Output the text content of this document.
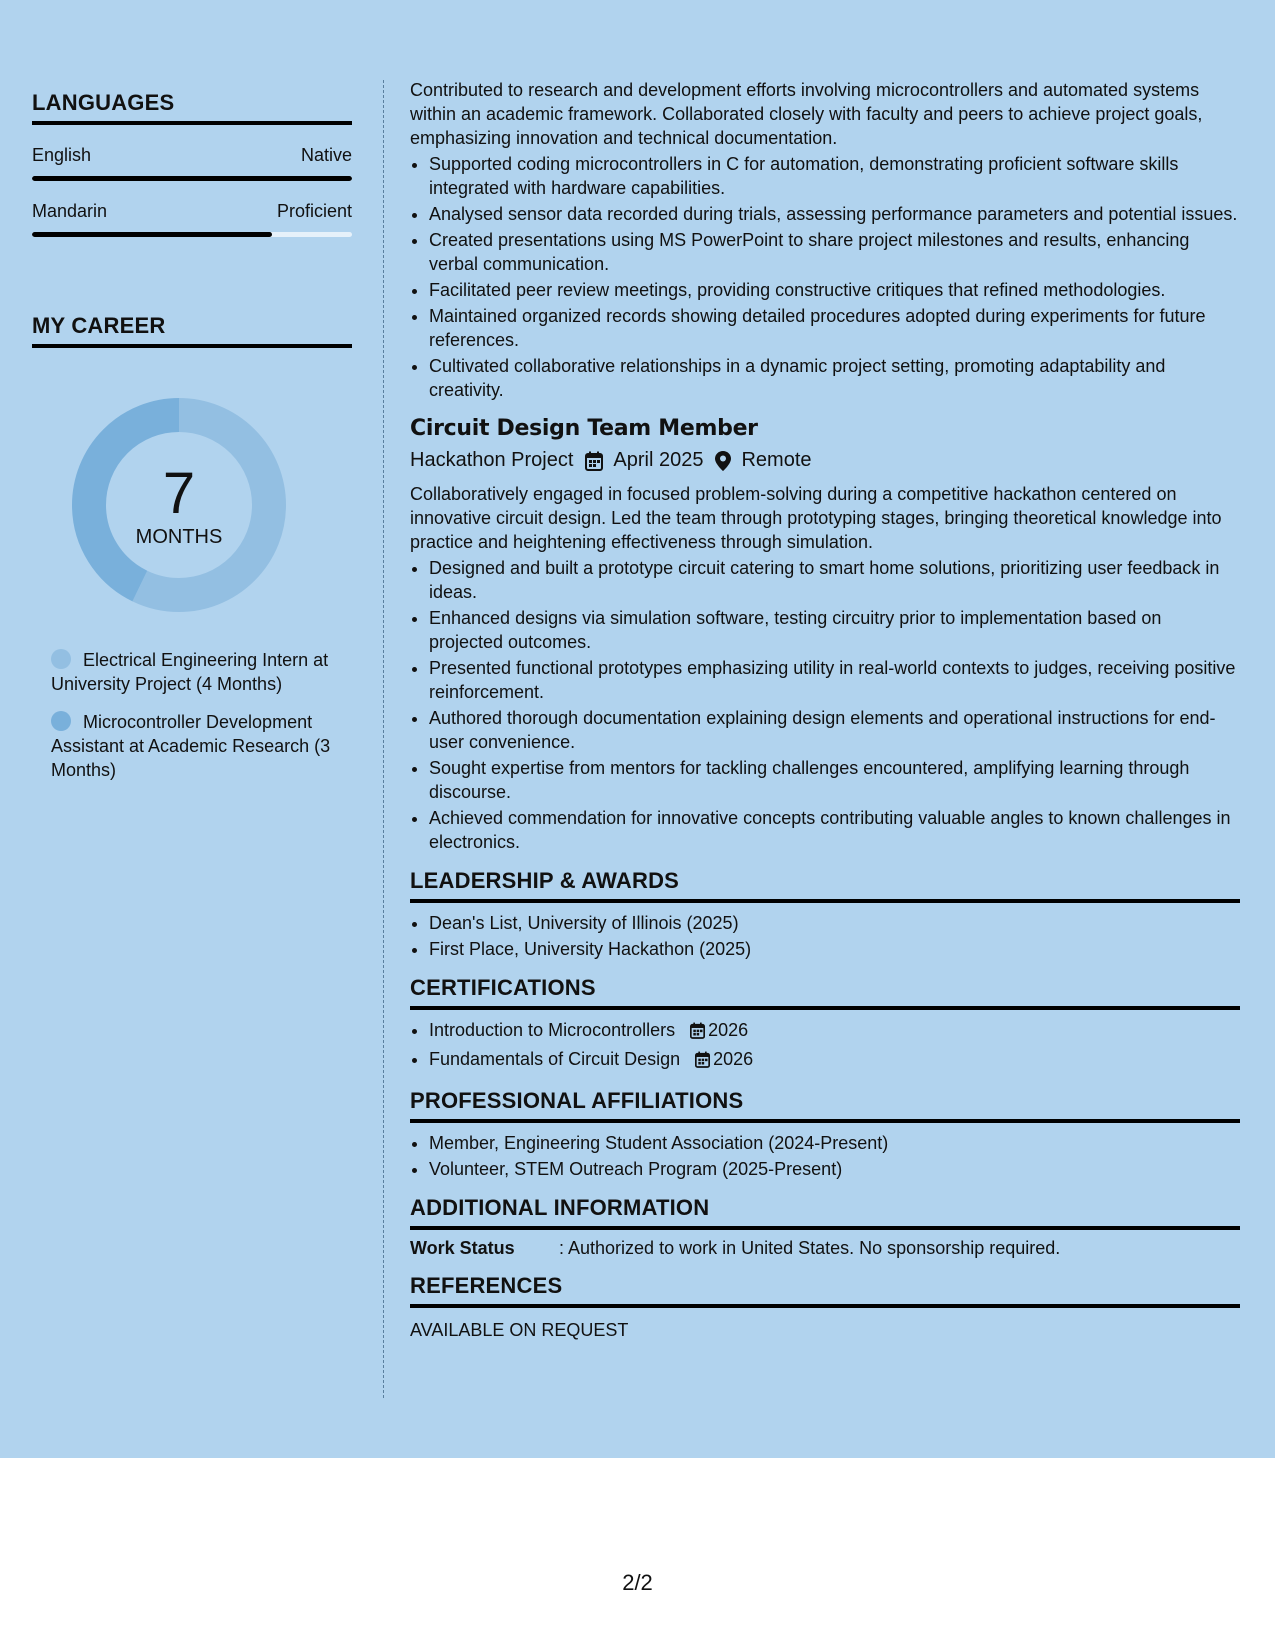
LANGUAGES
English	Native
Mandarin	Proficient
MY CAREER
7
MONTHS
Electrical Engineering Intern at University Project (4 Months)
Microcontroller Development Assistant at Academic Research (3 Months)

Contributed to research and development efforts involving microcontrollers and automated systems within an academic framework. Collaborated closely with faculty and peers to achieve project goals, emphasizing innovation and technical documentation.

• Supported coding microcontrollers in C for automation, demonstrating proficient software skills integrated with hardware capabilities.
• Analysed sensor data recorded during trials, assessing performance parameters and potential issues.
• Created presentations using MS PowerPoint to share project milestones and results, enhancing verbal communication.
• Facilitated peer review meetings, providing constructive critiques that refined methodologies.
• Maintained organized records showing detailed procedures adopted during experiments for future references.
• Cultivated collaborative relationships in a dynamic project setting, promoting adaptability and creativity.
Circuit Design Team Member
Hackathon Project April 2025 Remote

Collaboratively engaged in focused problem-solving during a competitive hackathon centered on innovative circuit design. Led the team through prototyping stages, bringing theoretical knowledge into practice and heightening effectiveness through simulation.

• Designed and built a prototype circuit catering to smart home solutions, prioritizing user feedback in ideas.
• Enhanced designs via simulation software, testing circuitry prior to implementation based on projected outcomes.
• Presented functional prototypes emphasizing utility in real-world contexts to judges, receiving positive reinforcement.
• Authored thorough documentation explaining design elements and operational instructions for end-user convenience.
• Sought expertise from mentors for tackling challenges encountered, amplifying learning through discourse.
• Achieved commendation for innovative concepts contributing valuable angles to known challenges in electronics.
LEADERSHIP & AWARDS
• Dean's List, University of Illinois (2025)
• First Place, University Hackathon (2025)
CERTIFICATIONS
• Introduction to Microcontrollers 2026
• Fundamentals of Circuit Design 2026
PROFESSIONAL AFFILIATIONS
• Member, Engineering Student Association (2024-Present)
• Volunteer, STEM Outreach Program (2025-Present)
ADDITIONAL INFORMATION
Work Status	: Authorized to work in United States. No sponsorship required.
REFERENCES
AVAILABLE ON REQUEST
2/2
